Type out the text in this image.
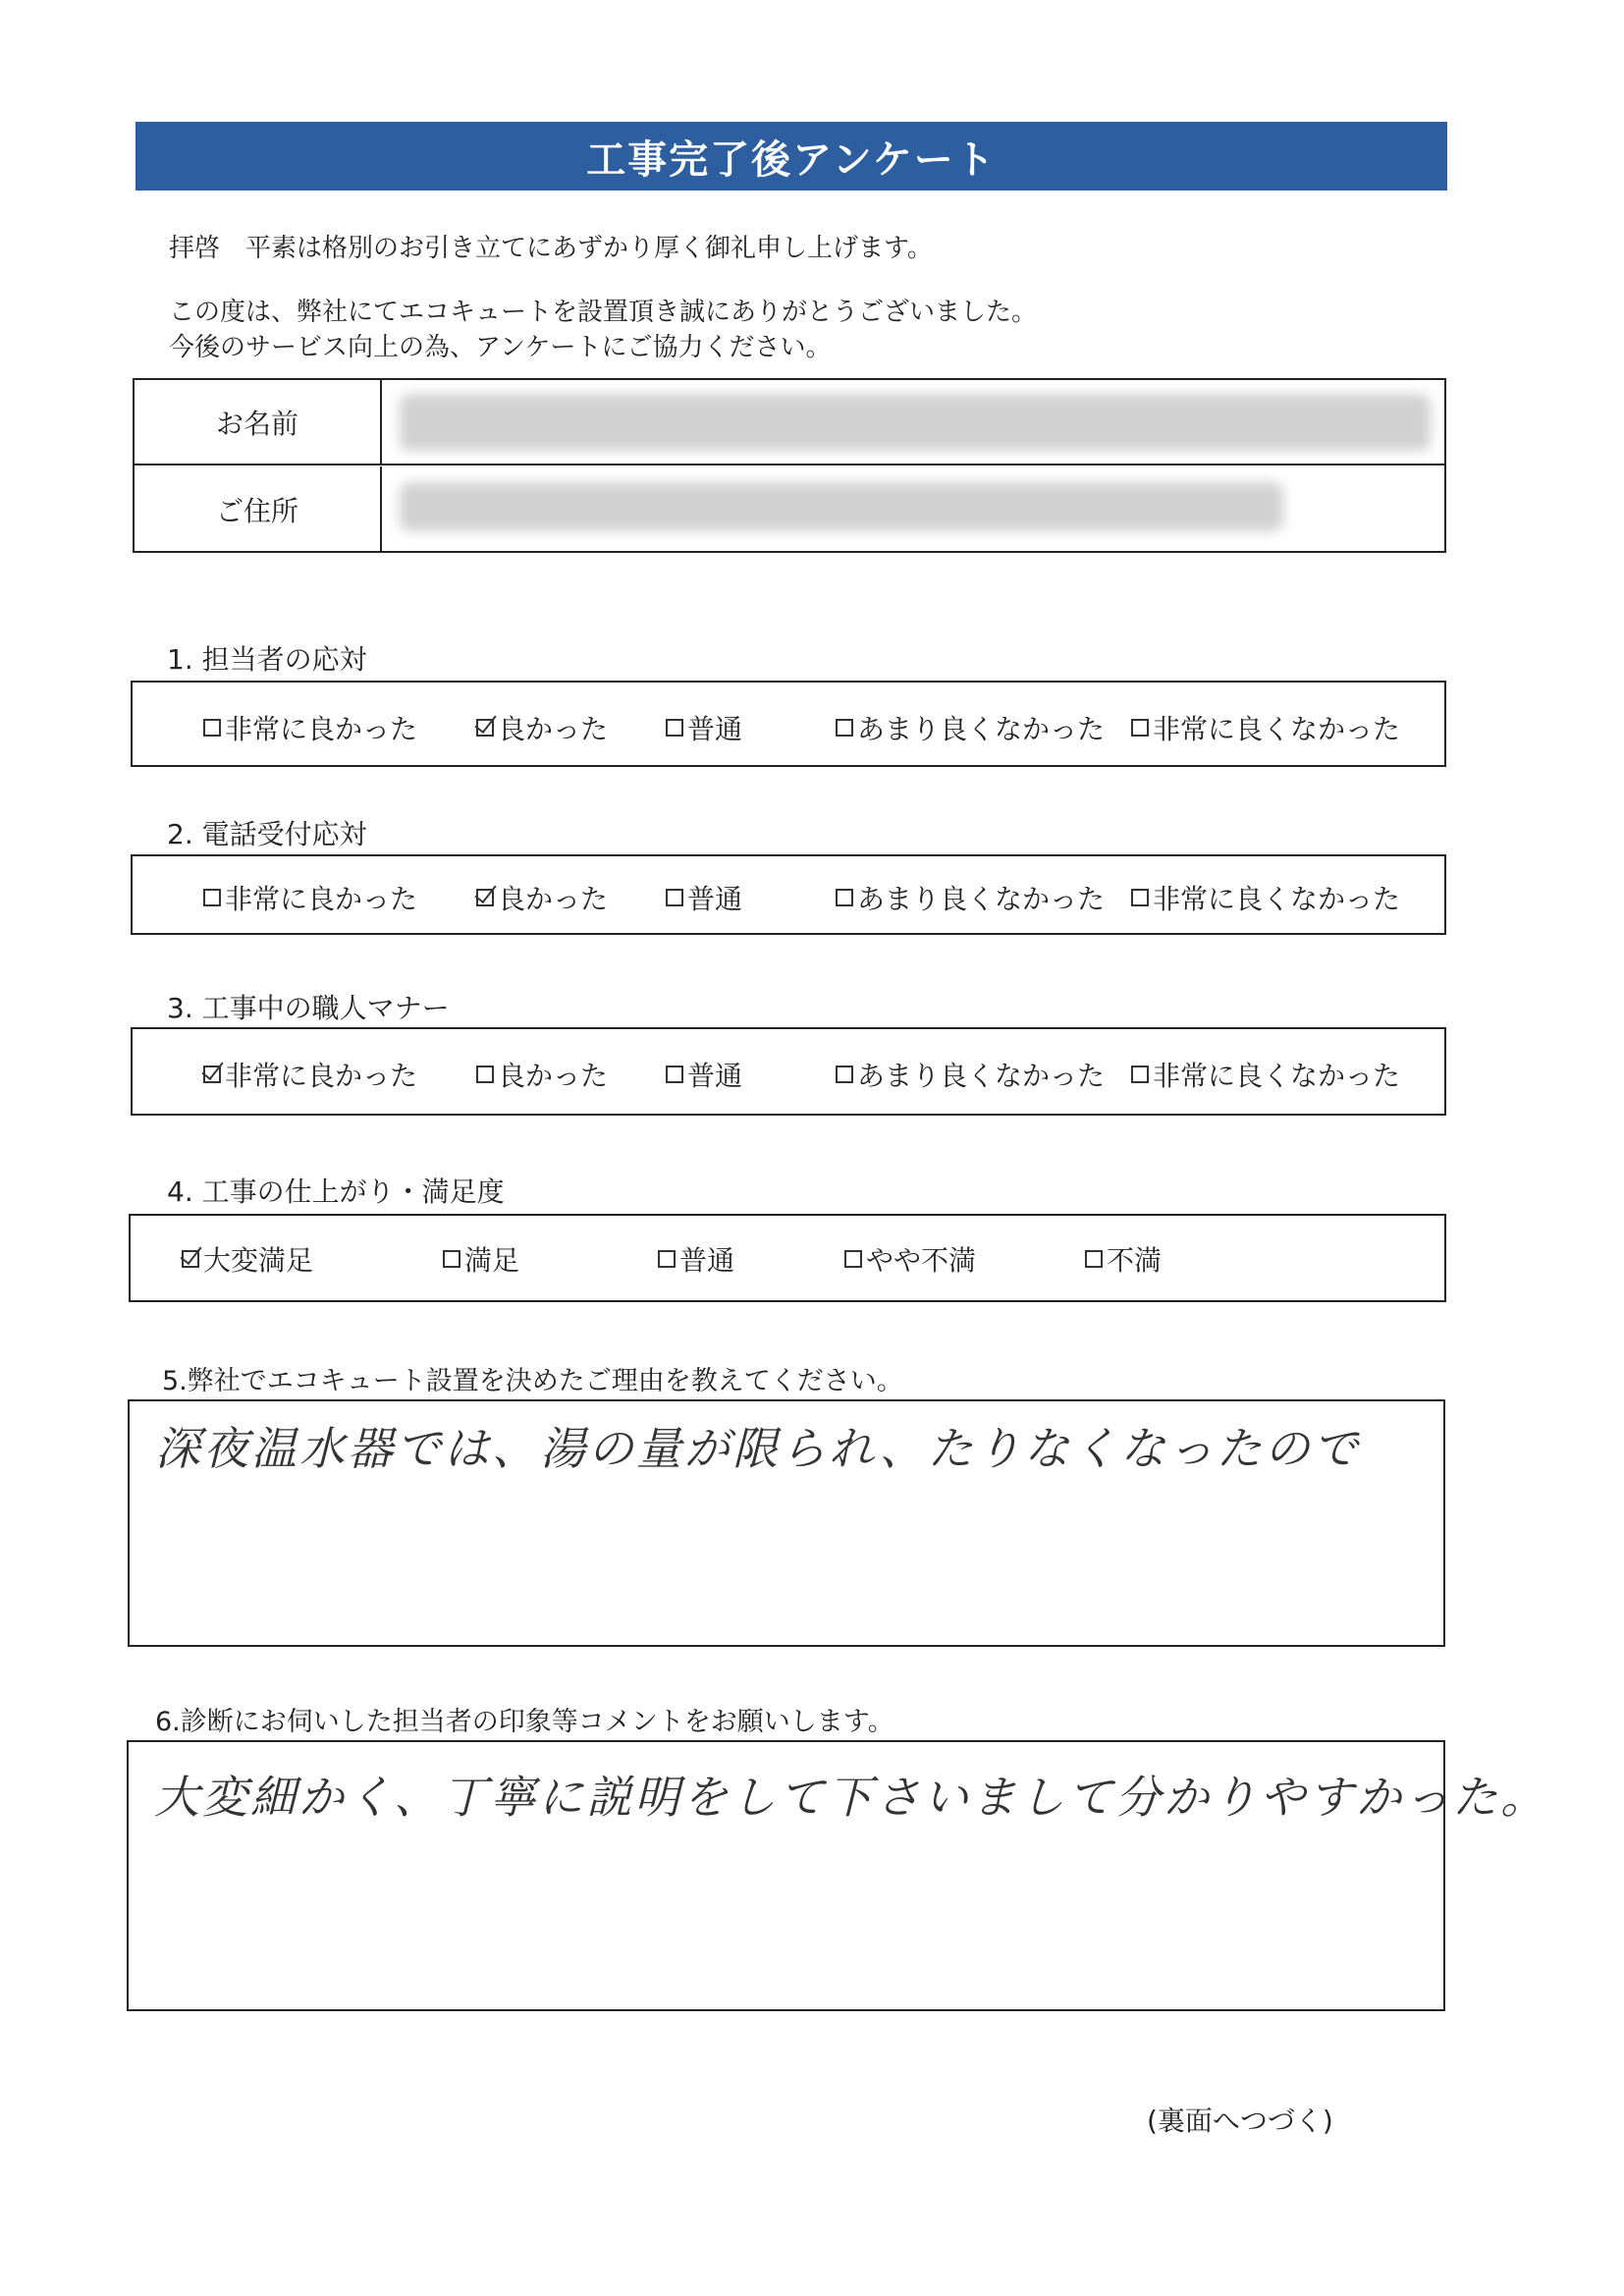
工事完了後アンケート
拝啓　平素は格別のお引き立てにあずかり厚く御礼申し上げます。
この度は、弊社にてエコキュートを設置頂き誠にありがとうございました。
今後のサービス向上の為、アンケートにご協力ください。
お名前
ご住所
1. 担当者の応対
非常に良かった	良かった	普通	あまり良くなかった 非常に良くなかった
2. 電話受付応対
非常に良かった	良かった	普通	あまり良くなかった 非常に良くなかった
3. 工事中の職人マナー
非常に良かった	良かった	普通	あまり良くなかった 非常に良くなかった
4. 工事の仕上がり・満足度
大変満足	満足	普通	やや不満	不満
5.弊社でエコキュート設置を決めたご理由を教えてください。
深夜温水器では、湯の量が限られ、たりなくなったので
6.診断にお伺いした担当者の印象等コメントをお願いします。
大変細かく、丁寧に説明をして下さいまして分かりやすかった。
(裏面へつづく)
